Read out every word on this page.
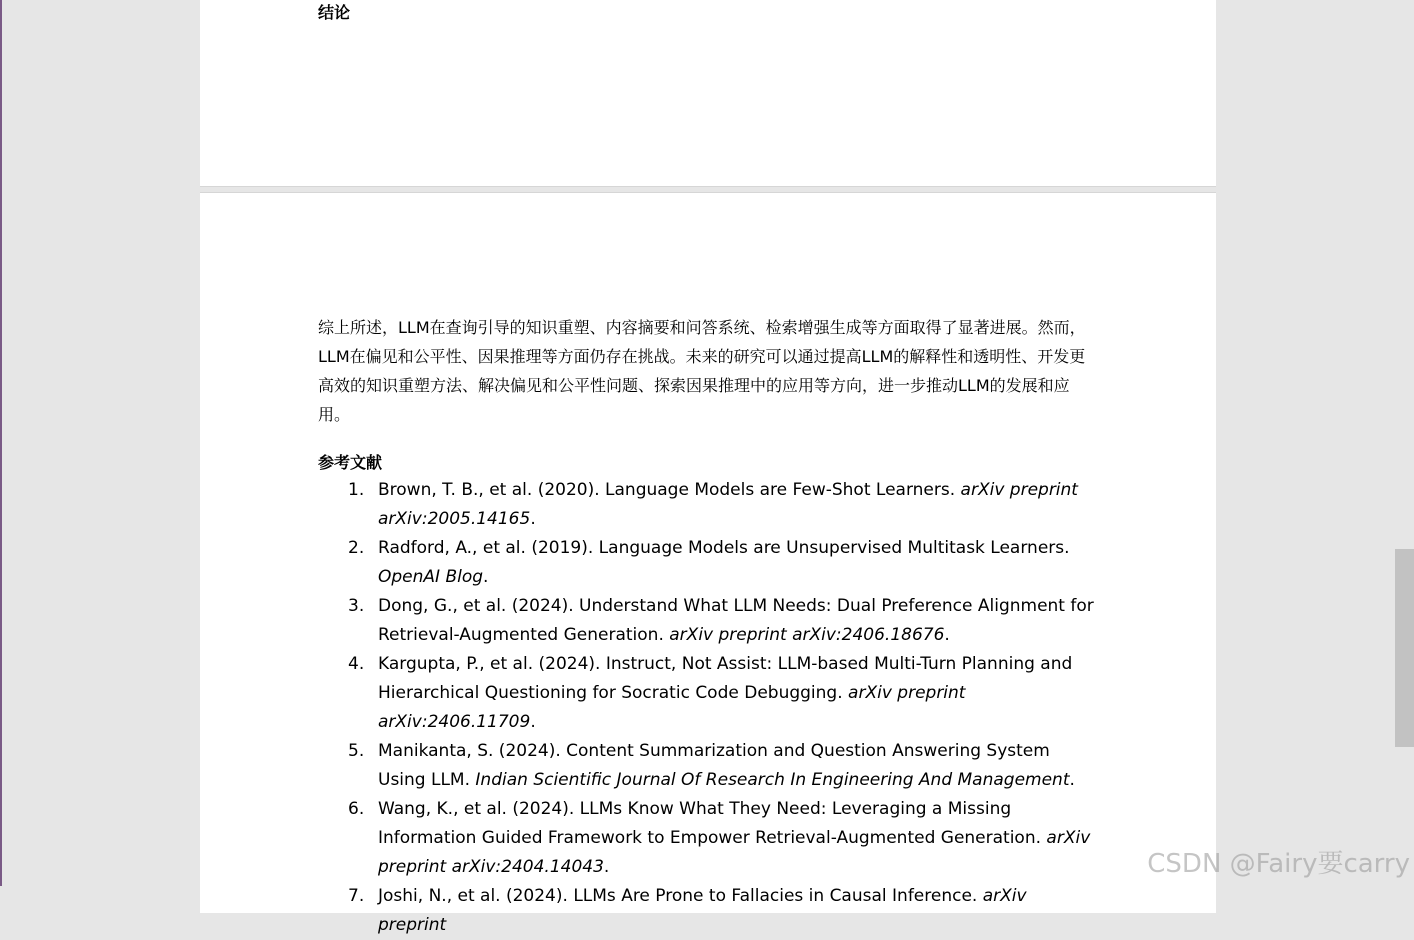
结论

综上所述，LLM在查询引导的知识重塑、内容摘要和问答系统、检索增强生成等方面取得了显著进展。然而，LLM在偏见和公平性、因果推理等方面仍存在挑战。未来的研究可以通过提高LLM的解释性和透明性、开发更高效的知识重塑方法、解决偏见和公平性问题、探索因果推理中的应用等方向，进一步推动LLM的发展和应用。

参考文献
1. Brown, T. B., et al. (2020). Language Models are Few-Shot Learners. arXiv preprint arXiv:2005.14165.
2. Radford, A., et al. (2019). Language Models are Unsupervised Multitask Learners. OpenAI Blog.
3. Dong, G., et al. (2024). Understand What LLM Needs: Dual Preference Alignment for Retrieval-Augmented Generation. arXiv preprint arXiv:2406.18676.
4. Kargupta, P., et al. (2024). Instruct, Not Assist: LLM-based Multi-Turn Planning and Hierarchical Questioning for Socratic Code Debugging. arXiv preprint arXiv:2406.11709.
5. Manikanta, S. (2024). Content Summarization and Question Answering System Using LLM. Indian Scientific Journal Of Research In Engineering And Management.
6. Wang, K., et al. (2024). LLMs Know What They Need: Leveraging a Missing Information Guided Framework to Empower Retrieval-Augmented Generation. arXiv preprint arXiv:2404.14043.
7. Joshi, N., et al. (2024). LLMs Are Prone to Fallacies in Causal Inference. arXiv preprint
CSDN @Fairy要carry
